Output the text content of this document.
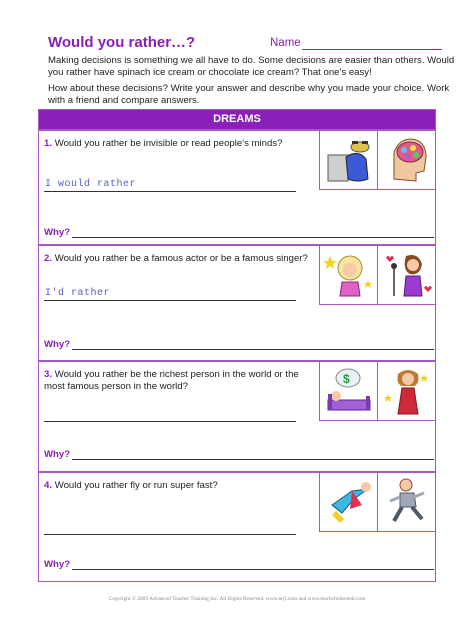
Would you rather…?	Name

Making decisions is something we all have to do. Some decisions are easier than others. Would you rather have spinach ice cream or chocolate ice cream? That one's easy!

How about these decisions? Write your answer and describe why you made your choice. Work with a friend and compare answers.

DREAMS
1. Would you rather be invisible or read people's minds?
I would rather
Why?
2. Would you rather be a famous actor or be a famous singer?
I'd rather
Why?
3. Would you rather be the richest person in the world or the most famous person in the world?
$
Why?
4. Would you rather fly or run super fast?
Why?
Copyright © 2009 Advanced Teacher Training Inc. All Rights Reserved. www.teyl.com and www.teachchildreneil.com
